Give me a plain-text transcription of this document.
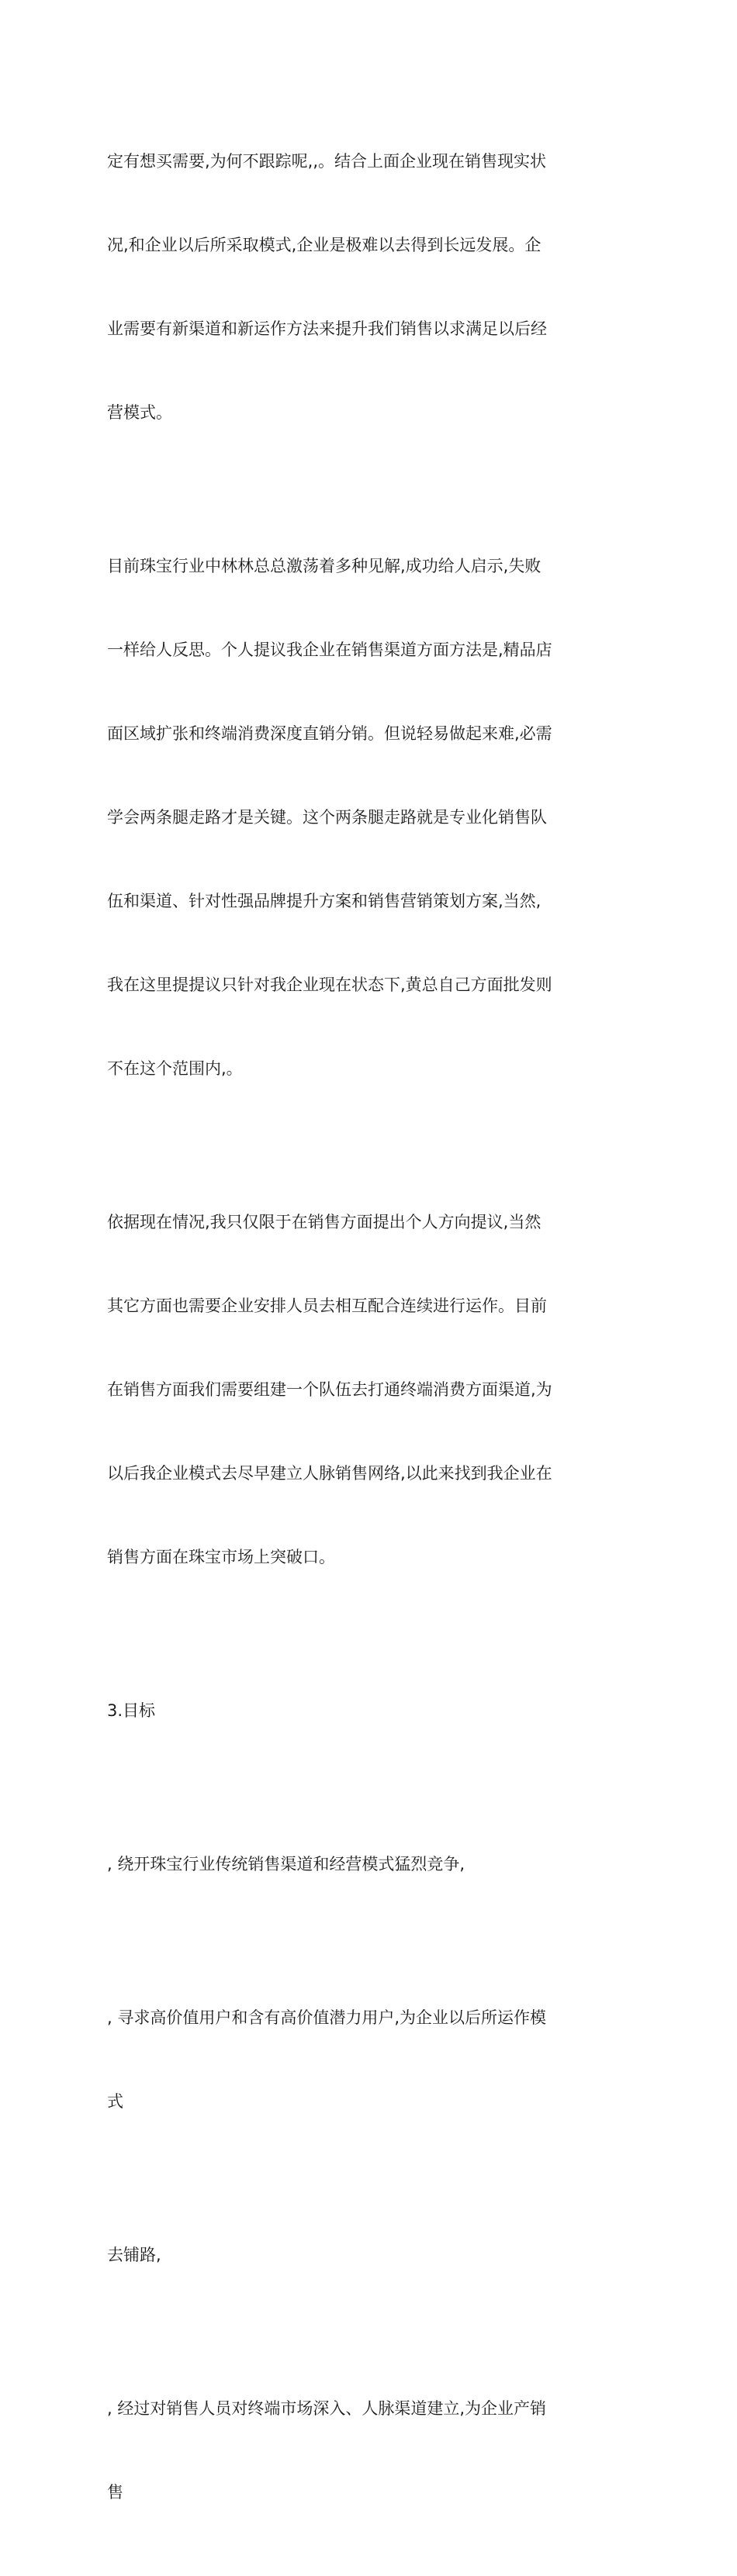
定有想买需要,为何不跟踪呢,,。结合上面企业现在销售现实状

况,和企业以后所采取模式,企业是极难以去得到长远发展。企

业需要有新渠道和新运作方法来提升我们销售以求满足以后经

营模式。

目前珠宝行业中林林总总激荡着多种见解,成功给人启示,失败

一样给人反思。个人提议我企业在销售渠道方面方法是,精品店

面区域扩张和终端消费深度直销分销。但说轻易做起来难,必需

学会两条腿走路才是关键。这个两条腿走路就是专业化销售队

伍和渠道、针对性强品牌提升方案和销售营销策划方案,当然,

我在这里提提议只针对我企业现在状态下,黄总自己方面批发则

不在这个范围内,。

依据现在情况,我只仅限于在销售方面提出个人方向提议,当然

其它方面也需要企业安排人员去相互配合连续进行运作。目前

在销售方面我们需要组建一个队伍去打通终端消费方面渠道,为

以后我企业模式去尽早建立人脉销售网络,以此来找到我企业在

销售方面在珠宝市场上突破口。

3.目标

, 绕开珠宝行业传统销售渠道和经营模式猛烈竞争,

, 寻求高价值用户和含有高价值潜力用户,为企业以后所运作模

式

去铺路,

, 经过对销售人员对终端市场深入、人脉渠道建立,为企业产销

售
